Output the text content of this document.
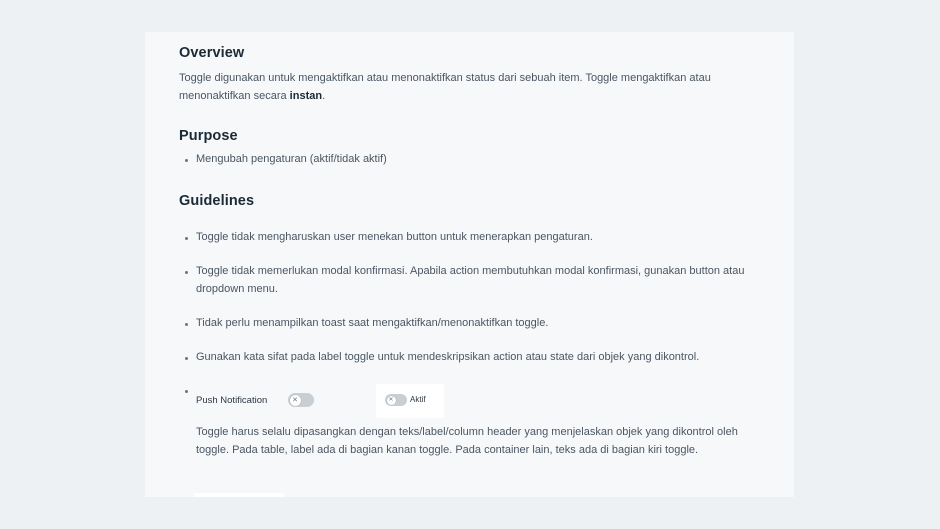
Overview

Toggle digunakan untuk mengaktifkan atau menonaktifkan status dari sebuah item. Toggle mengaktifkan atau menonaktifkan secara instan.

Purpose
Mengubah pengaturan (aktif/tidak aktif)
Guidelines
Toggle tidak mengharuskan user menekan button untuk menerapkan pengaturan.
Toggle tidak memerlukan modal konfirmasi. Apabila action membutuhkan modal konfirmasi, gunakan button atau dropdown menu.
Tidak perlu menampilkan toast saat mengaktifkan/menonaktifkan toggle.
Gunakan kata sifat pada label toggle untuk mendeskripsikan action atau state dari objek yang dikontrol.
Push Notification	✕	✕ Aktif

Toggle harus selalu dipasangkan dengan teks/label/column header yang menjelaskan objek yang dikontrol oleh toggle. Pada table, label ada di bagian kanan toggle. Pada container lain, teks ada di bagian kiri toggle.
